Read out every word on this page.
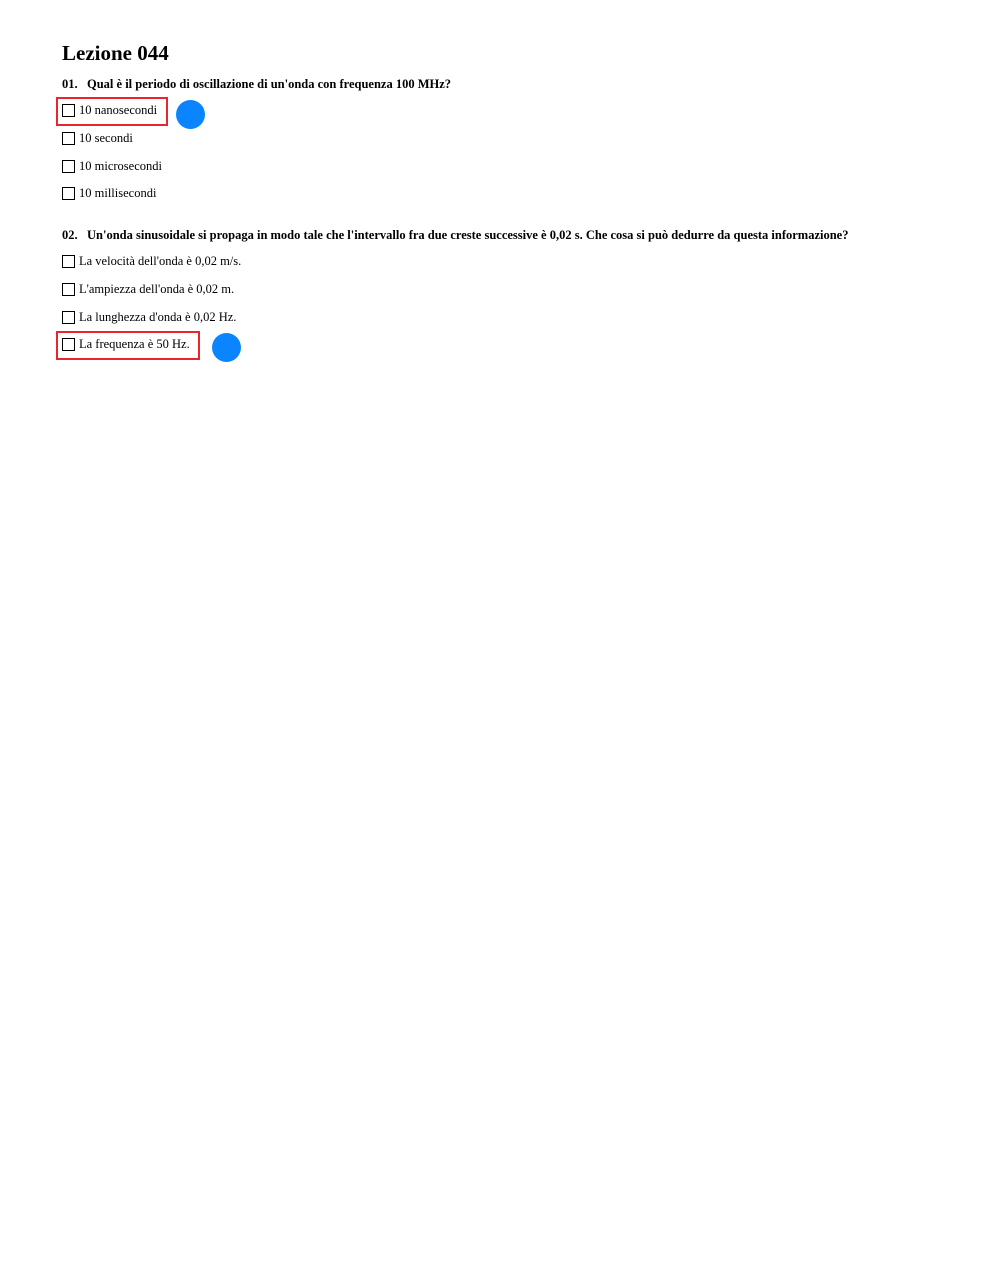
Lezione 044
01. Qual è il periodo di oscillazione di un'onda con frequenza 100 MHz?
10 nanosecondi
10 secondi
10 microsecondi
10 millisecondi
02. Un'onda sinusoidale si propaga in modo tale che l'intervallo fra due creste successive è 0,02 s. Che cosa si può dedurre da questa informazione?
La velocità dell'onda è 0,02 m/s.
L'ampiezza dell'onda è 0,02 m.
La lunghezza d'onda è 0,02 Hz.
La frequenza è 50 Hz.
